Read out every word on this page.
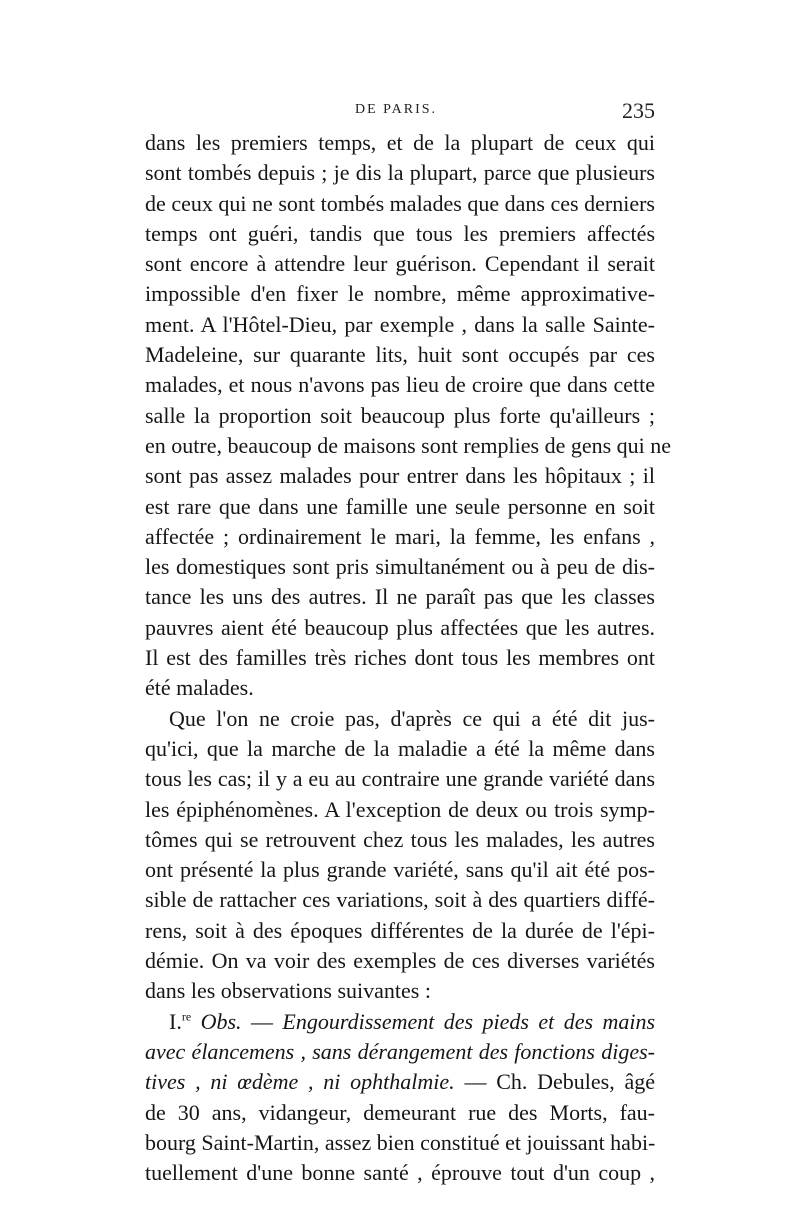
DE PARIS.	235
dans les premiers temps, et de la plupart de ceux qui
sont tombés depuis ; je dis la plupart, parce que plusieurs
de ceux qui ne sont tombés malades que dans ces derniers
temps ont guéri, tandis que tous les premiers affectés
sont encore à attendre leur guérison. Cependant il serait
impossible d'en fixer le nombre, même approximative-
ment. A l'Hôtel-Dieu, par exemple , dans la salle Sainte-
Madeleine, sur quarante lits, huit sont occupés par ces
malades, et nous n'avons pas lieu de croire que dans cette
salle la proportion soit beaucoup plus forte qu'ailleurs ;
en outre, beaucoup de maisons sont remplies de gens qui ne
sont pas assez malades pour entrer dans les hôpitaux ; il
est rare que dans une famille une seule personne en soit
affectée ; ordinairement le mari, la femme, les enfans ,
les domestiques sont pris simultanément ou à peu de dis-
tance les uns des autres. Il ne paraît pas que les classes
pauvres aient été beaucoup plus affectées que les autres.
Il est des familles très riches dont tous les membres ont
été malades.
Que l'on ne croie pas, d'après ce qui a été dit jus-
qu'ici, que la marche de la maladie a été la même dans
tous les cas; il y a eu au contraire une grande variété dans
les épiphénomènes. A l'exception de deux ou trois symp-
tômes qui se retrouvent chez tous les malades, les autres
ont présenté la plus grande variété, sans qu'il ait été pos-
sible de rattacher ces variations, soit à des quartiers diffé-
rens, soit à des époques différentes de la durée de l'épi-
démie. On va voir des exemples de ces diverses variétés
dans les observations suivantes :
I.$^{re}$ Obs. — Engourdissement des pieds et des mains
avec élancemens , sans dérangement des fonctions diges-
tives , ni œdème , ni ophthalmie. — Ch. Debules, âgé
de 30 ans, vidangeur, demeurant rue des Morts, fau-
bourg Saint-Martin, assez bien constitué et jouissant habi-
tuellement d'une bonne santé , éprouve tout d'un coup ,
